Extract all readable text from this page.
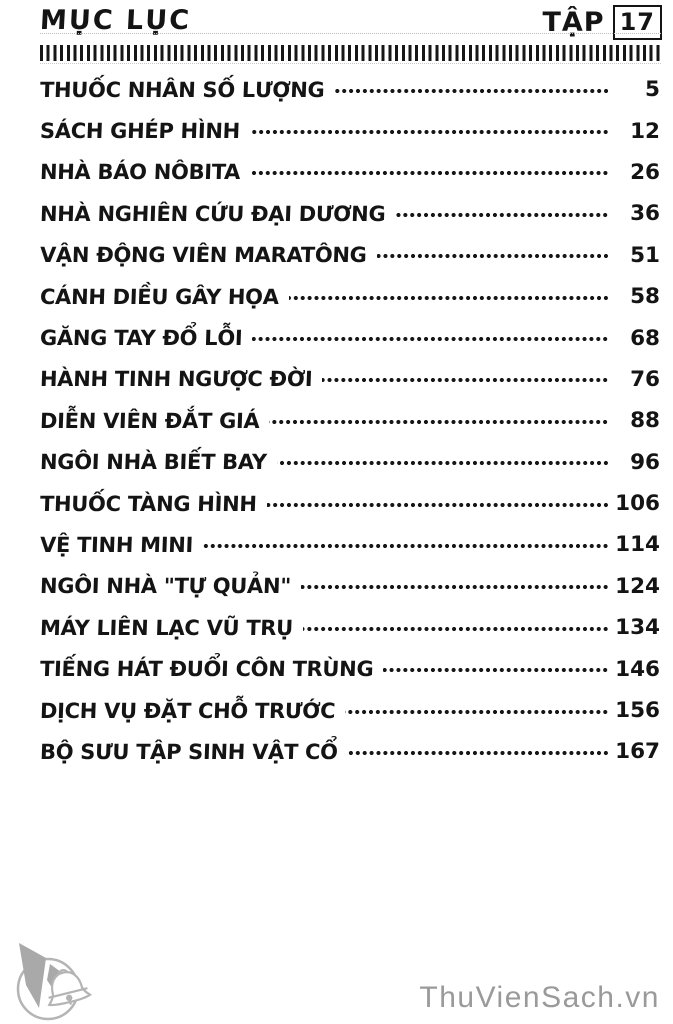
MỤC LỤC	TẬP 17
THUỐC NHÂN SỐ LƯỢNG	5
SÁCH GHÉP HÌNH	12
NHÀ BÁO NÔBITA	26
NHÀ NGHIÊN CỨU ĐẠI DƯƠNG	36
VẬN ĐỘNG VIÊN MARATÔNG	51
CÁNH DIỀU GÂY HỌA	58
GĂNG TAY ĐỔ LỖI	68
HÀNH TINH NGƯỢC ĐỜI	76
DIỄN VIÊN ĐẮT GIÁ	88
NGÔI NHÀ BIẾT BAY	96
THUỐC TÀNG HÌNH	106
VỆ TINH MINI	114
NGÔI NHÀ "TỰ QUẢN"	124
MÁY LIÊN LẠC VŨ TRỤ	134
TIẾNG HÁT ĐUỔI CÔN TRÙNG	146
DỊCH VỤ ĐẶT CHỖ TRƯỚC	156
BỘ SƯU TẬP SINH VẬT CỔ	167
ThuVienSach.vn
